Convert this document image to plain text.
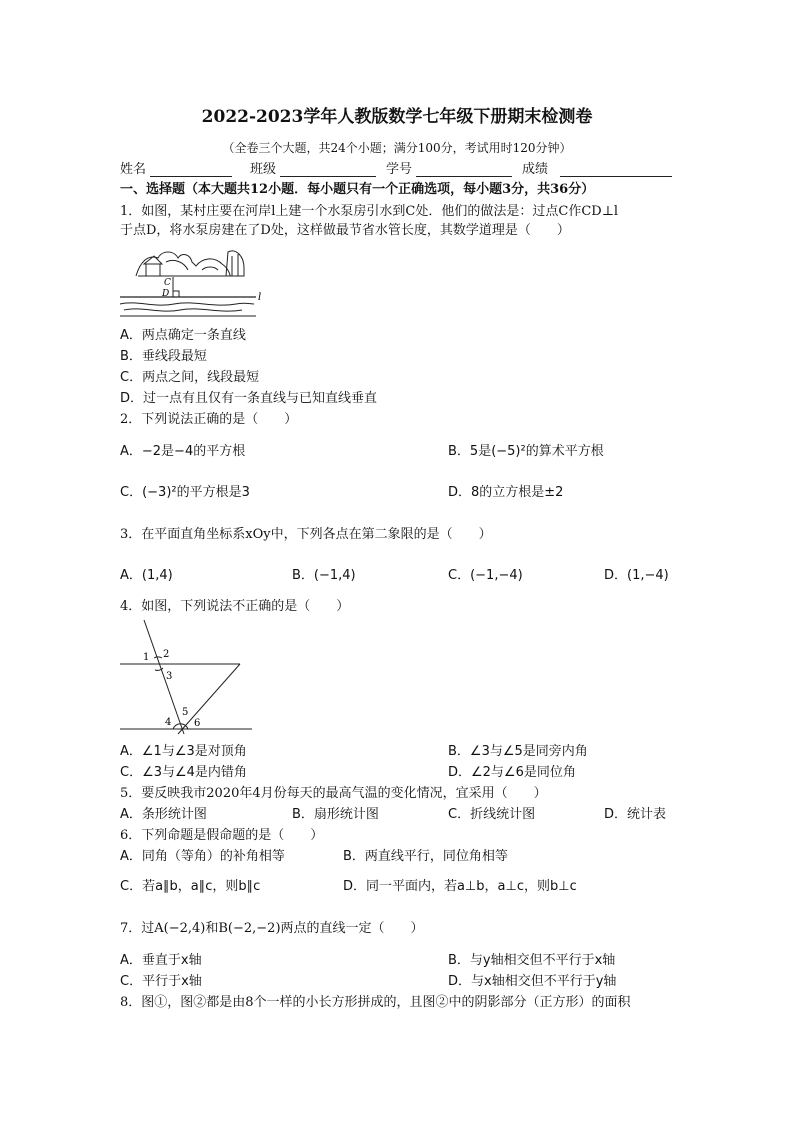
2022-2023学年人教版数学七年级下册期末检测卷
（全卷三个大题，共24个小题；满分100分，考试用时120分钟）
姓名	班级	学号	成绩
一、选择题（本大题共12小题．每小题只有一个正确选项，每小题3分，共36分）
1．如图，某村庄要在河岸l上建一个水泵房引水到C处．他们的做法是：过点C作CD⊥l
于点D，将水泵房建在了D处，这样做最节省水管长度，其数学道理是（　　）
C
D	l
A．两点确定一条直线
B．垂线段最短
C．两点之间，线段最短
D．过一点有且仅有一条直线与已知直线垂直
2．下列说法正确的是（　　）
A．−2是−4的平方根	B．5是(−5)²的算术平方根
C．(−3)²的平方根是3	D．8的立方根是±2
3．在平面直角坐标系xOy中，下列各点在第二象限的是（　　）
A．(1,4)	B．(−1,4)	C．(−1,−4)	D．(1,−4)
4．如图，下列说法不正确的是（　　）
1 2
3
4
5
6
A．∠1与∠3是对顶角	B．∠3与∠5是同旁内角
C．∠3与∠4是内错角	D．∠2与∠6是同位角
5．要反映我市2020年4月份每天的最高气温的变化情况，宜采用（　　）
A．条形统计图	B．扇形统计图	C．折线统计图	D．统计表
6．下列命题是假命题的是（　　）
A．同角（等角）的补角相等	B．两直线平行，同位角相等
C．若a∥b，a∥c，则b∥c	D．同一平面内，若a⊥b，a⊥c，则b⊥c
7．过A(−2,4)和B(−2,−2)两点的直线一定（　　）
A．垂直于x轴	B．与y轴相交但不平行于x轴
C．平行于x轴	D．与x轴相交但不平行于y轴
8．图①，图②都是由8个一样的小长方形拼成的，且图②中的阴影部分（正方形）的面积
